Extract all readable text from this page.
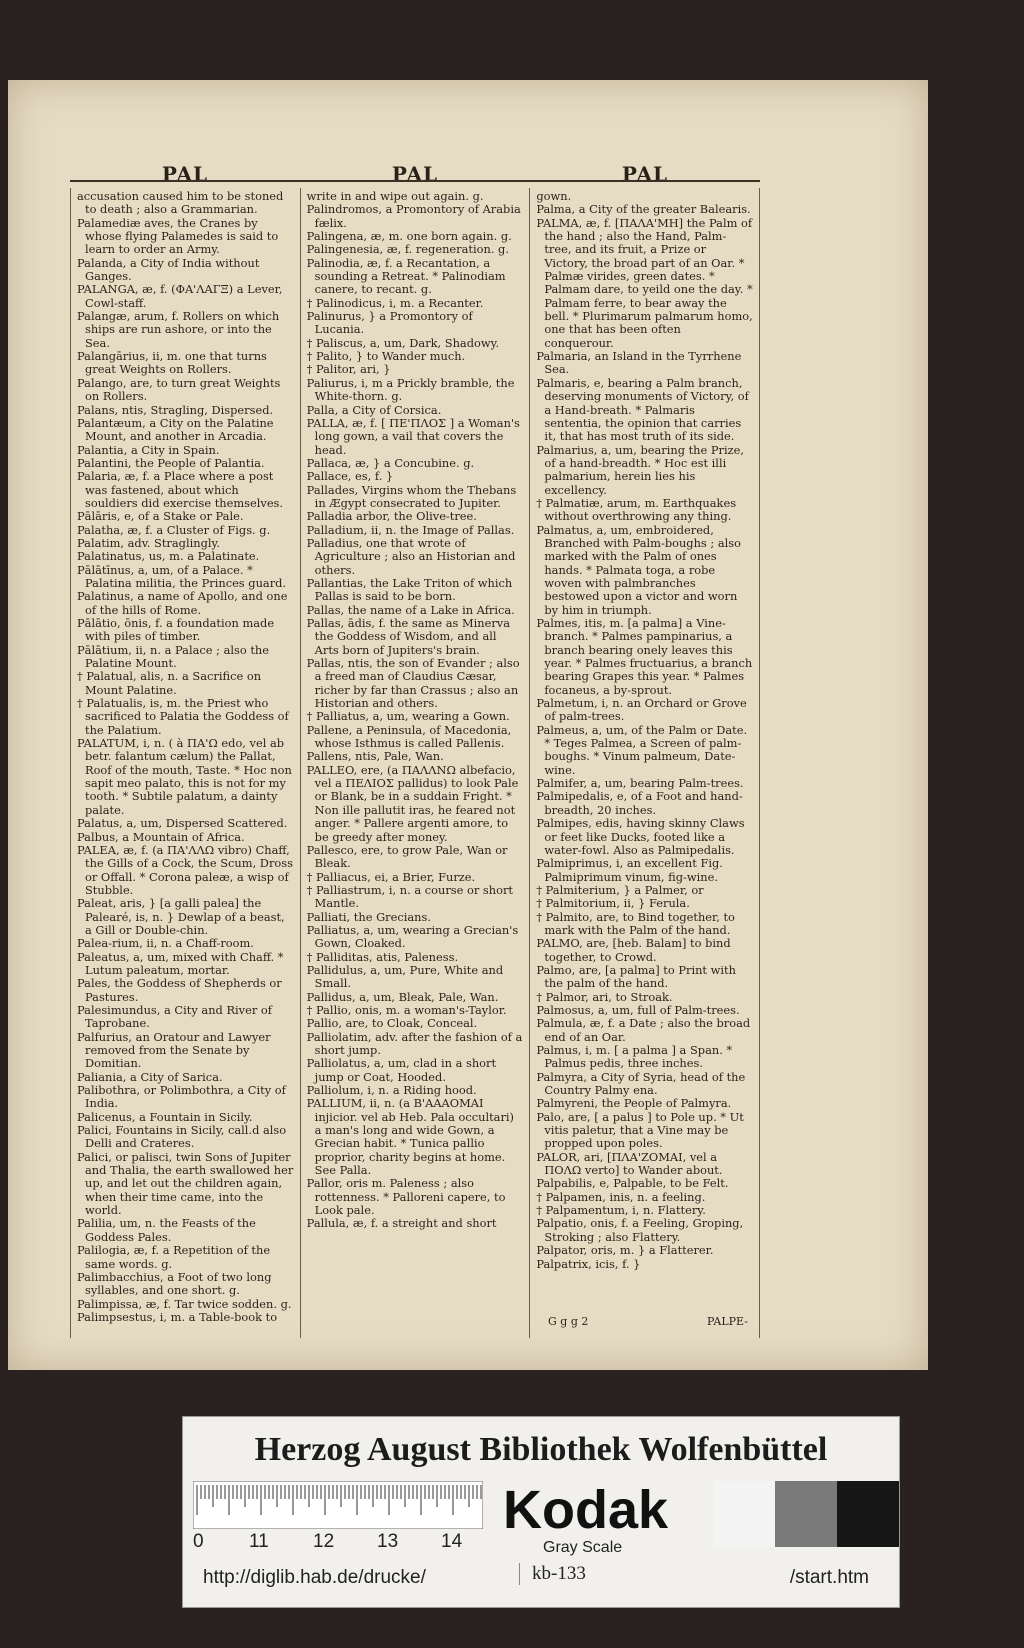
PAL	PAL	PAL

accusation caused him to be stoned to death ; also a Grammarian.

Palamediæ aves, the Cranes by whose flying Palamedes is said to learn to order an Army.

Palanda, a City of India without Ganges.

PALANGA, æ, f. (ΦΑ'ΛΑΓΞ) a Lever, Cowl-staff.

Palangæ, arum, f. Rollers on which ships are run ashore, or into the Sea.

Palangārius, ii, m. one that turns great Weights on Rollers.

Palango, are, to turn great Weights on Rollers.

Palans, ntis, Stragling, Dispersed.

Palantæum, a City on the Palatine Mount, and another in Arcadia.

Palantia, a City in Spain.

Palantini, the People of Palantia.

Palaria, æ, f. a Place where a post was fastened, about which souldiers did exercise themselves.

Pālāris, e, of a Stake or Pale.

Palatha, æ, f. a Cluster of Figs. g.

Palatim, adv. Straglingly.

Palatinatus, us, m. a Palatinate.

Pālātīnus, a, um, of a Palace. * Palatina militia, the Princes guard.

Palatinus, a name of Apollo, and one of the hills of Rome.

Pālātio, ōnis, f. a foundation made with piles of timber.

Pālātium, ii, n. a Palace ; also the Palatine Mount.

† Palatual, alis, n. a Sacrifice on Mount Palatine.

† Palatualis, is, m. the Priest who sacrificed to Palatia the Goddess of the Palatium.

PALATUM, i, n. ( à ΠΑ'Ω edo, vel ab betr. falantum cælum) the Pallat, Roof of the mouth, Taste. * Hoc non sapit meo palato, this is not for my tooth. * Subtile palatum, a dainty palate.

Palatus, a, um, Dispersed Scattered.

Palbus, a Mountain of Africa.

PALEA, æ, f. (a ΠΑ'ΛΛΩ vibro) Chaff, the Gills of a Cock, the Scum, Dross or Offall. * Corona paleæ, a wisp of Stubble.

Paleat, aris, } [a galli palea] the Palearé, is, n. } Dewlap of a beast, a Gill or Double-chin.

Palea-rium, ii, n. a Chaff-room.

Paleatus, a, um, mixed with Chaff. * Lutum paleatum, mortar.

Pales, the Goddess of Shepherds or Pastures.

Palesimundus, a City and River of Taprobane.

Palfurius, an Oratour and Lawyer removed from the Senate by Domitian.

Paliania, a City of Sarica.

Palibothra, or Polimbothra, a City of India.

Palicenus, a Fountain in Sicily.

Palici, Fountains in Sicily, call.d also Delli and Crateres.

Palici, or palisci, twin Sons of Jupiter and Thalia, the earth swallowed her up, and let out the children again, when their time came, into the world.

Palilia, um, n. the Feasts of the Goddess Pales.

Palilogia, æ, f. a Repetition of the same words. g.

Palimbacchius, a Foot of two long syllables, and one short. g.

Palimpissa, æ, f. Tar twice sodden. g.

Palimpsestus, i, m. a Table-book to

write in and wipe out again. g.

Palindromos, a Promontory of Arabia fælix.

Palingena, æ, m. one born again. g.

Palingenesia, æ, f. regeneration. g.

Palinodia, æ, f. a Recantation, a sounding a Retreat. * Palinodiam canere, to recant. g.

† Palinodicus, i, m. a Recanter.

Palinurus, } a Promontory of Lucania.

† Paliscus, a, um, Dark, Shadowy.

† Palito, } to Wander much.

† Palitor, ari, }

Paliurus, i, m a Prickly bramble, the White-thorn. g.

Palla, a City of Corsica.

PALLA, æ, f. [ ΠΕ'ΠΛΟΣ ] a Woman's long gown, a vail that covers the head.

Pallaca, æ, } a Concubine. g.

Pallace, es, f. }

Pallades, Virgins whom the Thebans in Ægypt consecrated to Jupiter.

Palladia arbor, the Olive-tree.

Palladium, ii, n. the Image of Pallas.

Palladius, one that wrote of Agriculture ; also an Historian and others.

Pallantias, the Lake Triton of which Pallas is said to be born.

Pallas, the name of a Lake in Africa.

Pallas, ādis, f. the same as Minerva the Goddess of Wisdom, and all Arts born of Jupiters's brain.

Pallas, ntis, the son of Evander ; also a freed man of Claudius Cæsar, richer by far than Crassus ; also an Historian and others.

† Palliatus, a, um, wearing a Gown.

Pallene, a Peninsula, of Macedonia, whose Isthmus is called Pallenis.

Pallens, ntis, Pale, Wan.

PALLEO, ere, (a ΠΑΛΛΝΩ albefacio, vel a ΠΕΛΙΟΣ pallidus) to look Pale or Blank, be in a suddain Fright. * Non ille pallutit iras, he feared not anger. * Pallere argenti amore, to be greedy after money.

Pallesco, ere, to grow Pale, Wan or Bleak.

† Palliacus, ei, a Brier, Furze.

† Palliastrum, i, n. a course or short Mantle.

Palliati, the Grecians.

Palliatus, a, um, wearing a Grecian's Gown, Cloaked.

† Palliditas, atis, Paleness.

Pallidulus, a, um, Pure, White and Small.

Pallidus, a, um, Bleak, Pale, Wan.

† Pallio, onis, m. a woman's-Taylor.

Pallio, are, to Cloak, Conceal.

Palliolatim, adv. after the fashion of a short jump.

Palliolatus, a, um, clad in a short jump or Coat, Hooded.

Palliolum, i, n. a Riding hood.

PALLIUM, ii, n. (a B'AAAOMAI injicior. vel ab Heb. Pala occultari) a man's long and wide Gown, a Grecian habit. * Tunica pallio proprior, charity begins at home. See Palla.

Pallor, oris m. Paleness ; also rottenness. * Palloreni capere, to Look pale.

Pallula, æ, f. a streight and short

gown.

Palma, a City of the greater Balearis.

PALMA, æ, f. [ΠΑΛΑ'ΜΗ] the Palm of the hand ; also the Hand, Palm-tree, and its fruit, a Prize or Victory, the broad part of an Oar. * Palmæ virides, green dates. * Palmam dare, to yeild one the day. * Palmam ferre, to bear away the bell. * Plurimarum palmarum homo, one that has been often conquerour.

Palmaria, an Island in the Tyrrhene Sea.

Palmaris, e, bearing a Palm branch, deserving monuments of Victory, of a Hand-breath. * Palmaris sententia, the opinion that carries it, that has most truth of its side.

Palmarius, a, um, bearing the Prize, of a hand-breadth. * Hoc est illi palmarium, herein lies his excellency.

† Palmatiæ, arum, m. Earthquakes without overthrowing any thing.

Palmatus, a, um, embroidered, Branched with Palm-boughs ; also marked with the Palm of ones hands. * Palmata toga, a robe woven with palmbranches bestowed upon a victor and worn by him in triumph.

Palmes, itis, m. [a palma] a Vine-branch. * Palmes pampinarius, a branch bearing onely leaves this year. * Palmes fructuarius, a branch bearing Grapes this year. * Palmes focaneus, a by-sprout.

Palmetum, i, n. an Orchard or Grove of palm-trees.

Palmeus, a, um, of the Palm or Date. * Teges Palmea, a Screen of palm-boughs. * Vinum palmeum, Date-wine.

Palmifer, a, um, bearing Palm-trees.

Palmipedalis, e, of a Foot and hand-breadth, 20 inches.

Palmipes, edis, having skinny Claws or feet like Ducks, footed like a water-fowl. Also as Palmipedalis.

Palmiprimus, i, an excellent Fig. Palmiprimum vinum, fig-wine.

† Palmiterium, } a Palmer, or

† Palmitorium, ii, } Ferula.

† Palmito, are, to Bind together, to mark with the Palm of the hand.

PALMO, are, [heb. Balam] to bind together, to Crowd.

Palmo, are, [a palma] to Print with the palm of the hand.

† Palmor, ari, to Stroak.

Palmosus, a, um, full of Palm-trees.

Palmula, æ, f. a Date ; also the broad end of an Oar.

Palmus, i, m. [ a palma ] a Span. * Palmus pedis, three inches.

Palmyra, a City of Syria, head of the Country Palmy ena.

Palmyreni, the People of Palmyra.

Palo, are, [ a palus ] to Pole up. * Ut vitis paletur, that a Vine may be propped upon poles.

PALOR, ari, [ΠΛΑ'ΖΟΜΑΙ, vel a ΠΟΛΩ verto] to Wander about.

Palpabilis, e, Palpable, to be Felt.

† Palpamen, inis, n. a feeling.

† Palpamentum, i, n. Flattery.

Palpatio, onis, f. a Feeling, Groping, Stroking ; also Flattery.

Palpator, oris, m. } a Flatterer.

Palpatrix, icis, f. }

G g g 2	PALPE-
Herzog August Bibliothek Wolfenbüttel
0 11 12 13 14
Kodak
Gray Scale
http://diglib.hab.de/drucke/	kb-133	/start.htm
